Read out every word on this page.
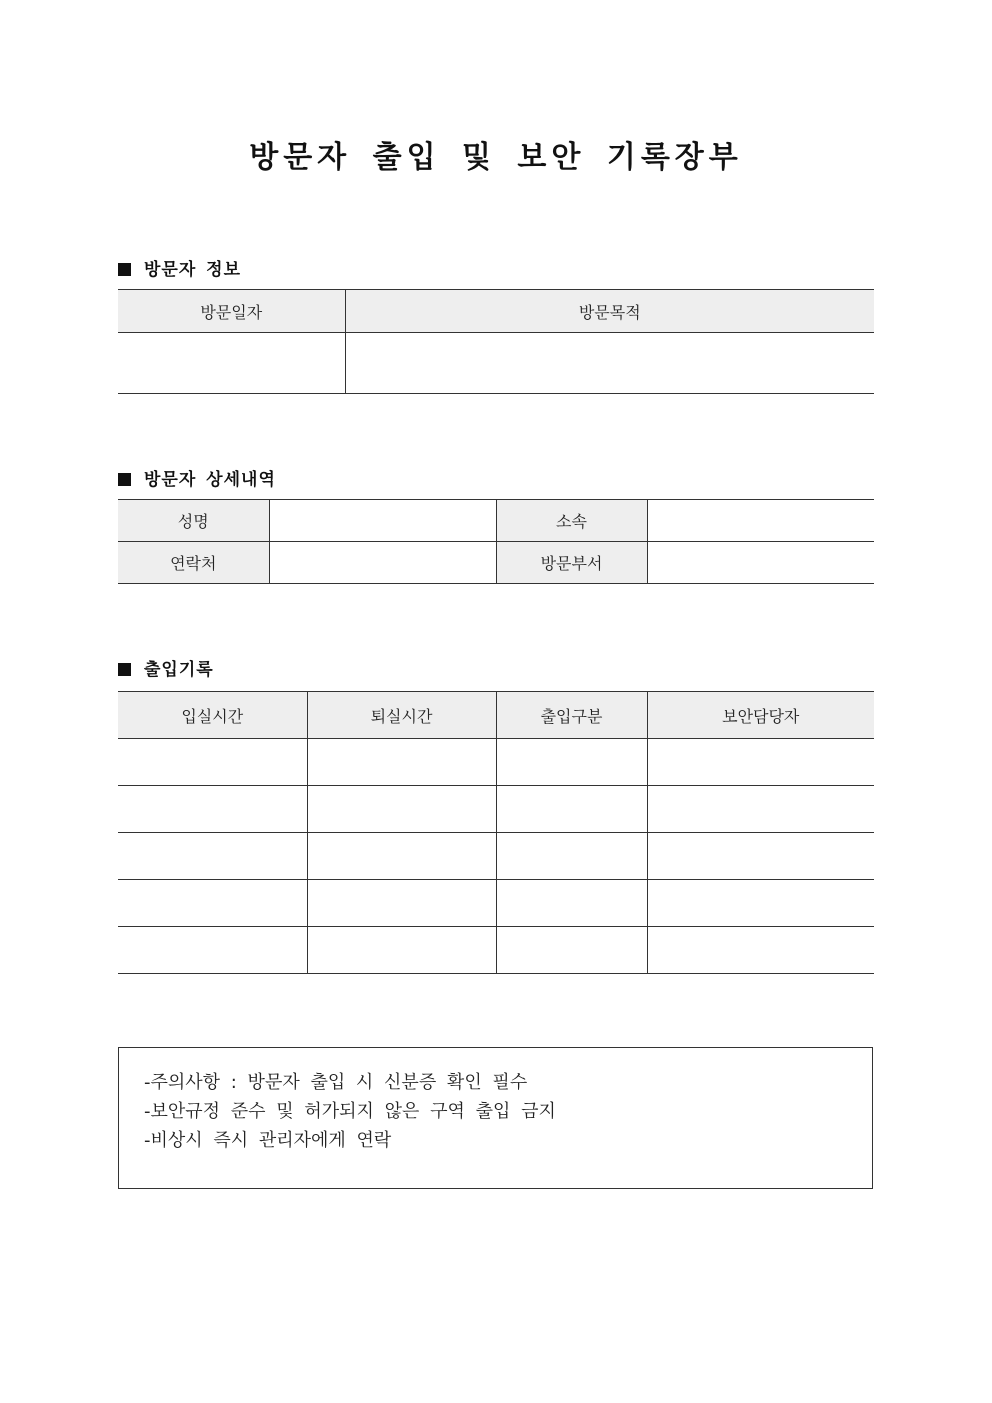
방문자 출입 및 보안 기록장부
방문자 정보
방문일자	방문목적

방문자 상세내역
성명		소속	
연락처		방문부서	
출입기록
입실시간	퇴실시간	출입구분	보안담당자

-주의사항 : 방문자 출입 시 신분증 확인 필수
-보안규정 준수 및 허가되지 않은 구역 출입 금지
-비상시 즉시 관리자에게 연락
